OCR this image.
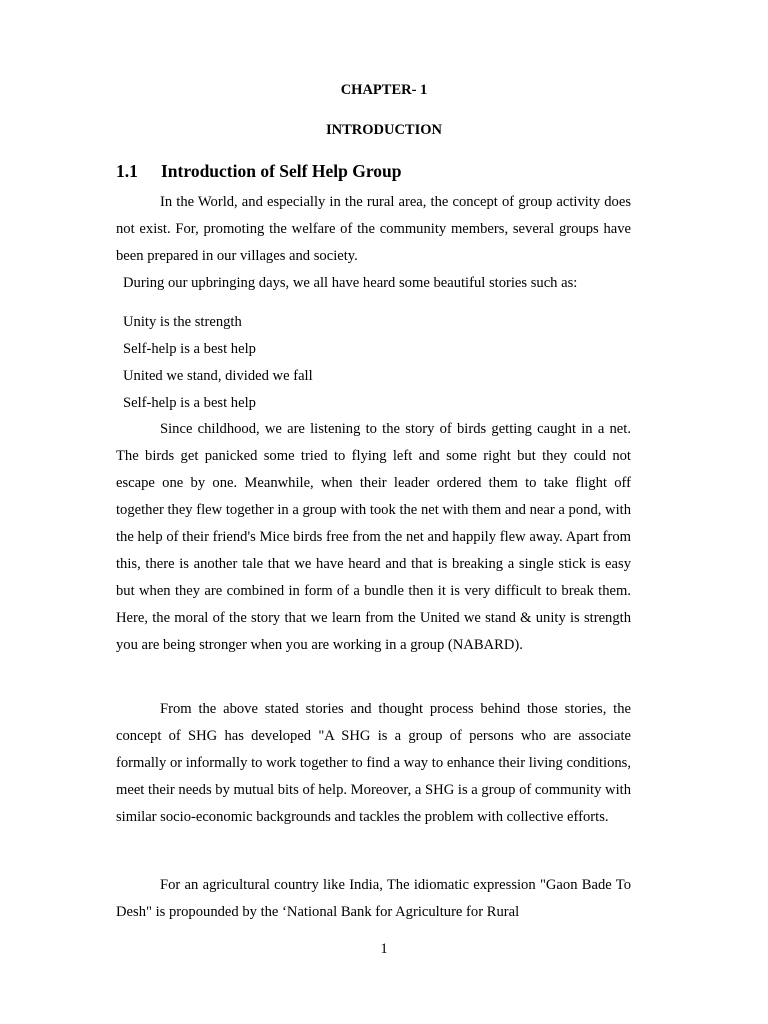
CHAPTER- 1
INTRODUCTION
1.1 Introduction of Self Help Group

In the World, and especially in the rural area, the concept of group activity does not exist. For, promoting the welfare of the community members, several groups have been prepared in our villages and society.

During our upbringing days, we all have heard some beautiful stories such as:
Unity is the strength
Self-help is a best help
United we stand, divided we fall
Self-help is a best help

Since childhood, we are listening to the story of birds getting caught in a net. The birds get panicked some tried to flying left and some right but they could not escape one by one. Meanwhile, when their leader ordered them to take flight off together they flew together in a group with took the net with them and near a pond, with the help of their friend's Mice birds free from the net and happily flew away. Apart from this, there is another tale that we have heard and that is breaking a single stick is easy but when they are combined in form of a bundle then it is very difficult to break them. Here, the moral of the story that we learn from the United we stand & unity is strength you are being stronger when you are working in a group (NABARD).

From the above stated stories and thought process behind those stories, the concept of SHG has developed "A SHG is a group of persons who are associate formally or informally to work together to find a way to enhance their living conditions, meet their needs by mutual bits of help. Moreover, a SHG is a group of community with similar socio-economic backgrounds and tackles the problem with collective efforts.

For an agricultural country like India, The idiomatic expression "Gaon Bade To Desh" is propounded by the ‘National Bank for Agriculture for Rural

1
